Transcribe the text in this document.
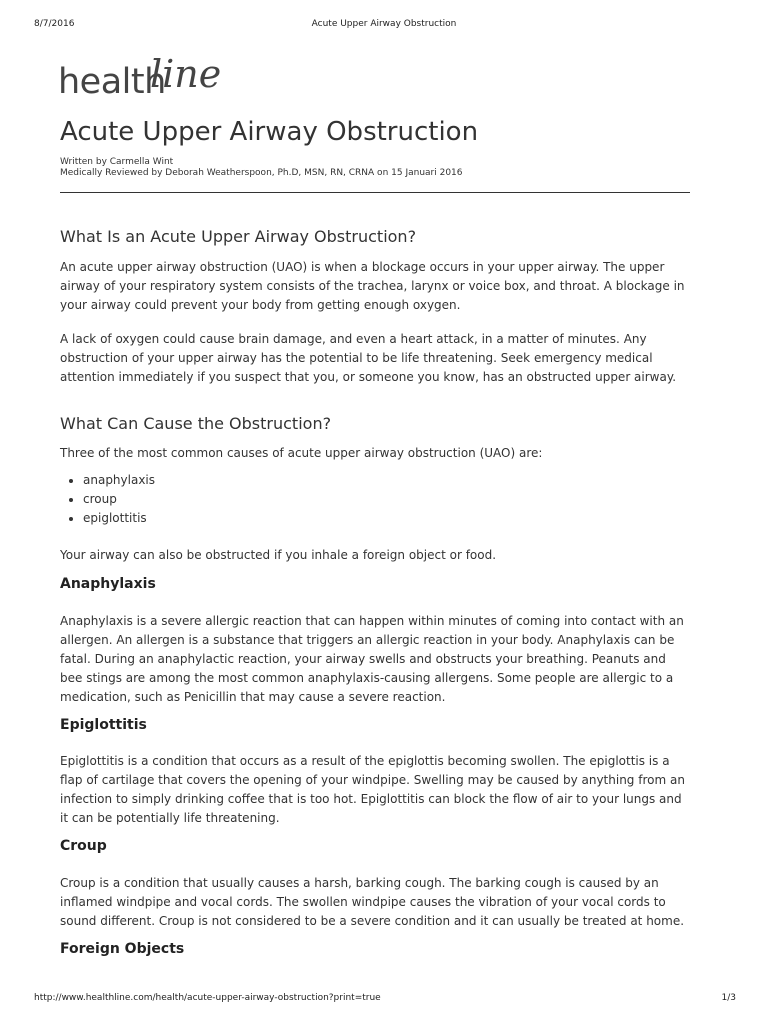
8/7/2016	Acute Upper Airway Obstruction
health
line
Acute Upper Airway Obstruction
Written by Carmella Wint
Medically Reviewed by Deborah Weatherspoon, Ph.D, MSN, RN, CRNA on 15 Januari 2016
What Is an Acute Upper Airway Obstruction?

An acute upper airway obstruction (UAO) is when a blockage occurs in your upper airway. The upper airway of your respiratory system consists of the trachea, larynx or voice box, and throat. A blockage in your airway could prevent your body from getting enough oxygen.

A lack of oxygen could cause brain damage, and even a heart attack, in a matter of minutes. Any obstruction of your upper airway has the potential to be life threatening. Seek emergency medical attention immediately if you suspect that you, or someone you know, has an obstructed upper airway.

What Can Cause the Obstruction?

Three of the most common causes of acute upper airway obstruction (UAO) are:

• anaphylaxis
• croup
• epiglottitis

Your airway can also be obstructed if you inhale a foreign object or food.

Anaphylaxis

Anaphylaxis is a severe allergic reaction that can happen within minutes of coming into contact with an allergen. An allergen is a substance that triggers an allergic reaction in your body. Anaphylaxis can be fatal. During an anaphylactic reaction, your airway swells and obstructs your breathing. Peanuts and bee stings are among the most common anaphylaxis-causing allergens. Some people are allergic to a medication, such as Penicillin that may cause a severe reaction.

Epiglottitis

Epiglottitis is a condition that occurs as a result of the epiglottis becoming swollen. The epiglottis is a flap of cartilage that covers the opening of your windpipe. Swelling may be caused by anything from an infection to simply drinking coffee that is too hot. Epiglottitis can block the flow of air to your lungs and it can be potentially life threatening.

Croup

Croup is a condition that usually causes a harsh, barking cough. The barking cough is caused by an inflamed windpipe and vocal cords. The swollen windpipe causes the vibration of your vocal cords to sound different. Croup is not considered to be a severe condition and it can usually be treated at home.

Foreign Objects
http://www.healthline.com/health/acute-upper-airway-obstruction?print=true	1/3
